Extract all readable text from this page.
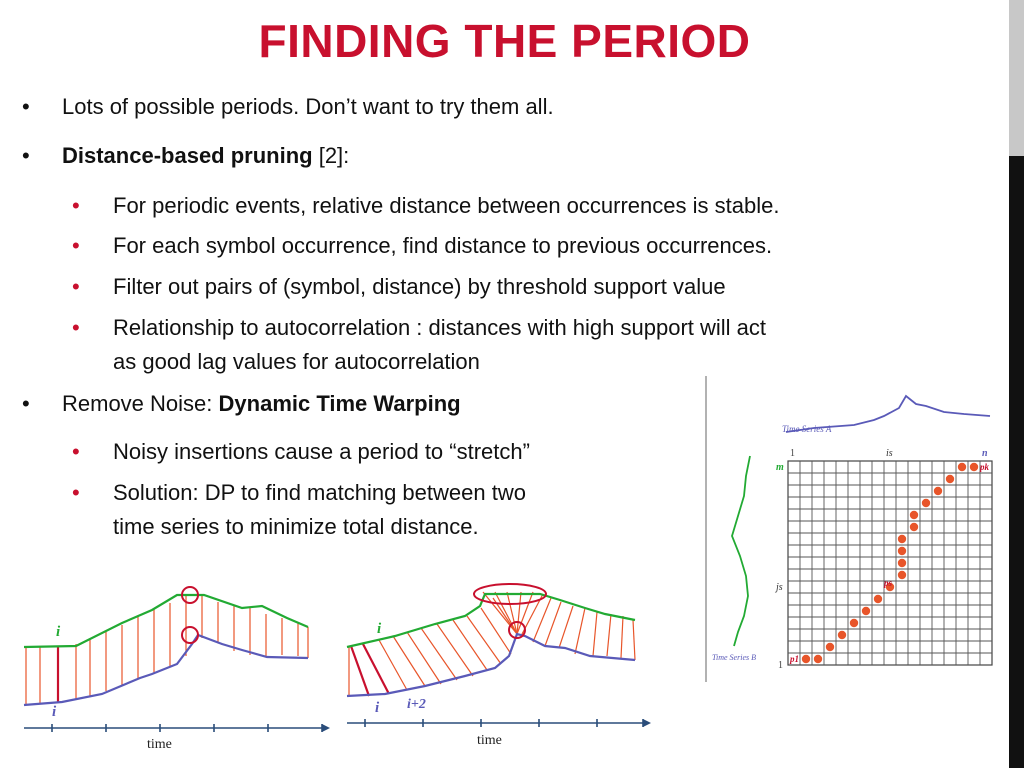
FINDING THE PERIOD
• Lots of possible periods. Don’t want to try them all.
• Distance-based pruning [2]:
• For periodic events, relative distance between occurrences is stable.
• For each symbol occurrence, find distance to previous occurrences.
• Filter out pairs of (symbol, distance) by threshold support value
• Relationship to autocorrelation : distances with high support will act
as good lag values for autocorrelation
• Remove Noise: Dynamic Time Warping
• Noisy insertions cause a period to “stretch”
• Solution: DP to find matching between two
time series to minimize total distance.
i
i
time
i
i i+2
time
Time Series A
Time Series B
1	is	n
m
js
1
p1
ps
pk
